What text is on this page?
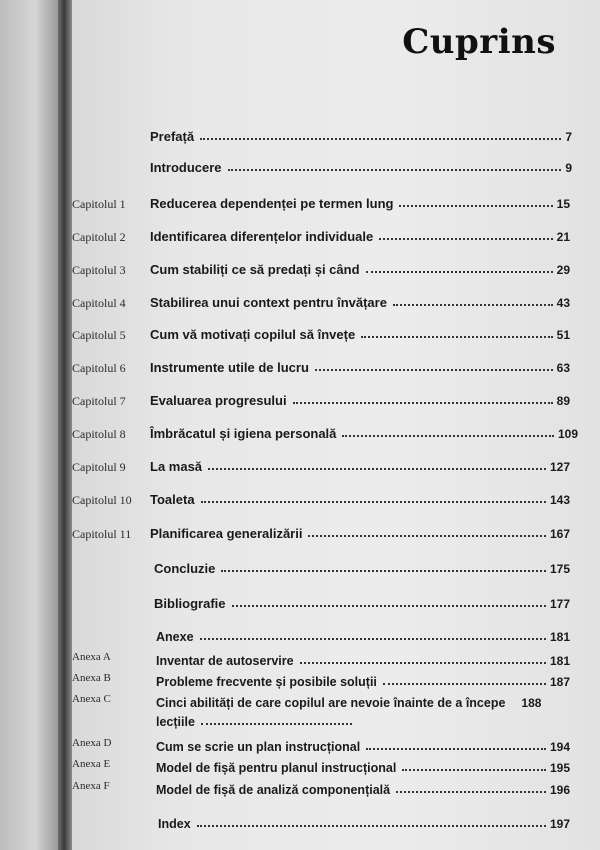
Cuprins
Prefață	7
Introducere	9
Capitolul 1	Reducerea dependenței pe termen lung	15
Capitolul 2	Identificarea diferențelor individuale	21
Capitolul 3	Cum stabiliți ce să predați și când	29
Capitolul 4	Stabilirea unui context pentru învățare	43
Capitolul 5	Cum vă motivați copilul să învețe	51
Capitolul 6	Instrumente utile de lucru	63
Capitolul 7	Evaluarea progresului	89
Capitolul 8	Îmbrăcatul și igiena personală	109
Capitolul 9	La masă	127
Capitolul 10	Toaleta	143
Capitolul 11	Planificarea generalizării	167
Concluzie	175
Bibliografie	177
Anexe	181
Anexa A	Inventar de autoservire	181
Anexa B	Probleme frecvente și posibile soluții	187
Anexa C	Cinci abilități de care copilul are nevoie înainte de a începe 188
lecțiile
Anexa D	Cum se scrie un plan instrucțional	194
Anexa E	Model de fișă pentru planul instrucțional	195
Anexa F	Model de fișă de analiză componențială	196
Index	197
